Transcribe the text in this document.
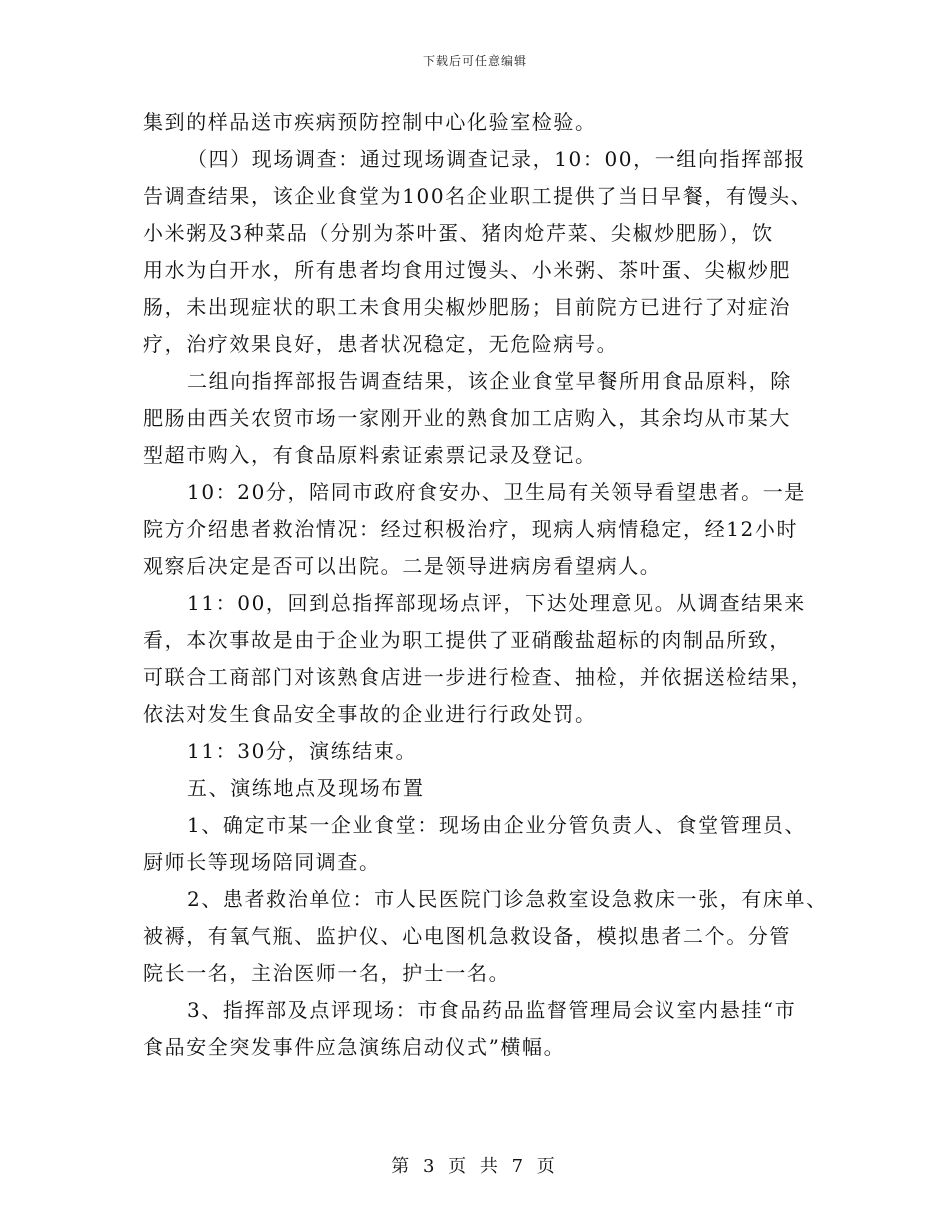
下载后可任意编辑
集到的样品送市疾病预防控制中心化验室检验。
（四）现场调查：通过现场调查记录，10：00，一组向指挥部报
告调查结果，该企业食堂为100名企业职工提供了当日早餐，有馒头、
小米粥及3种菜品（分别为茶叶蛋、猪肉炝芹菜、尖椒炒肥肠），饮
用水为白开水，所有患者均食用过馒头、小米粥、茶叶蛋、尖椒炒肥
肠，未出现症状的职工未食用尖椒炒肥肠；目前院方已进行了对症治
疗，治疗效果良好，患者状况稳定，无危险病号。
二组向指挥部报告调查结果，该企业食堂早餐所用食品原料，除
肥肠由西关农贸市场一家刚开业的熟食加工店购入，其余均从市某大
型超市购入，有食品原料索证索票记录及登记。
10：20分，陪同市政府食安办、卫生局有关领导看望患者。一是
院方介绍患者救治情况：经过积极治疗，现病人病情稳定，经12小时
观察后决定是否可以出院。二是领导进病房看望病人。
11：00，回到总指挥部现场点评，下达处理意见。从调查结果来
看，本次事故是由于企业为职工提供了亚硝酸盐超标的肉制品所致，
可联合工商部门对该熟食店进一步进行检查、抽检，并依据送检结果，
依法对发生食品安全事故的企业进行行政处罚。
11：30分，演练结束。
五、演练地点及现场布置
1、确定市某一企业食堂：现场由企业分管负责人、食堂管理员、
厨师长等现场陪同调查。
2、患者救治单位：市人民医院门诊急救室设急救床一张，有床单、
被褥，有氧气瓶、监护仪、心电图机急救设备，模拟患者二个。分管
院长一名，主治医师一名，护士一名。
3、指挥部及点评现场：市食品药品监督管理局会议室内悬挂“市
食品安全突发事件应急演练启动仪式”横幅。
第 3 页 共 7 页
